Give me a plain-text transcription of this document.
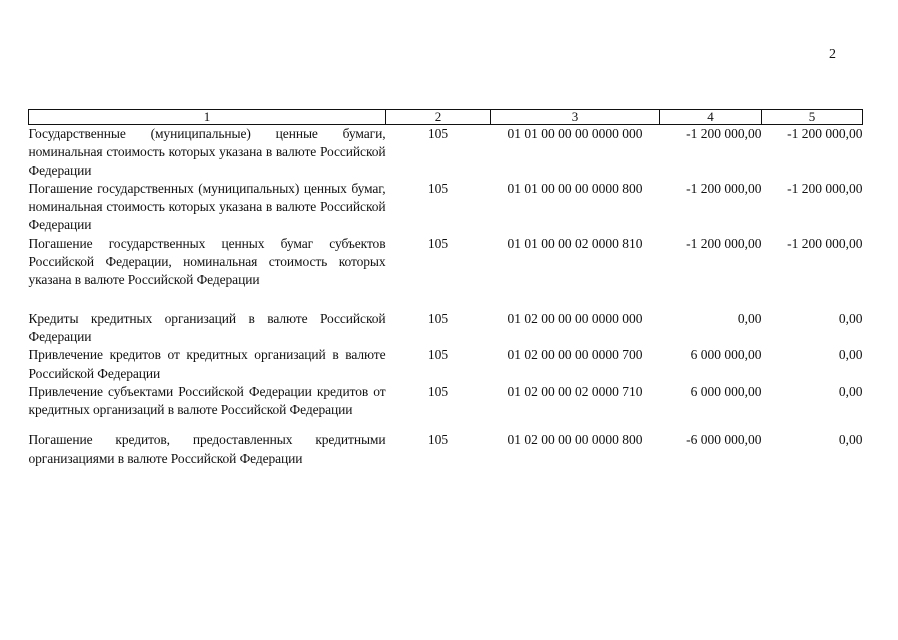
2
1	2	3	4	5
Государственные (муниципальные) ценные бумаги, номинальная стоимость которых указана в валюте Российской Федерации	105	01 01 00 00 00 0000 000	-1 200 000,00	-1 200 000,00
Погашение государственных (муниципальных) ценных бумаг, номинальная стоимость которых указана в валюте Российской Федерации	105	01 01 00 00 00 0000 800	-1 200 000,00	-1 200 000,00
Погашение государственных ценных бумаг субъектов Российской Федерации, номинальная стоимость которых указана в валюте Российской Федерации	105	01 01 00 00 02 0000 810	-1 200 000,00	-1 200 000,00

Кредиты кредитных организаций в валюте Российской Федерации	105	01 02 00 00 00 0000 000	0,00	0,00
Привлечение кредитов от кредитных организаций в валюте Российской Федерации	105	01 02 00 00 00 0000 700	6 000 000,00	0,00
Привлечение субъектами Российской Федерации кредитов от кредитных организаций в валюте Российской Федерации	105	01 02 00 00 02 0000 710	6 000 000,00	0,00

Погашение кредитов, предоставленных кредитными организациями в валюте Российской Федерации	105	01 02 00 00 00 0000 800	-6 000 000,00	0,00
